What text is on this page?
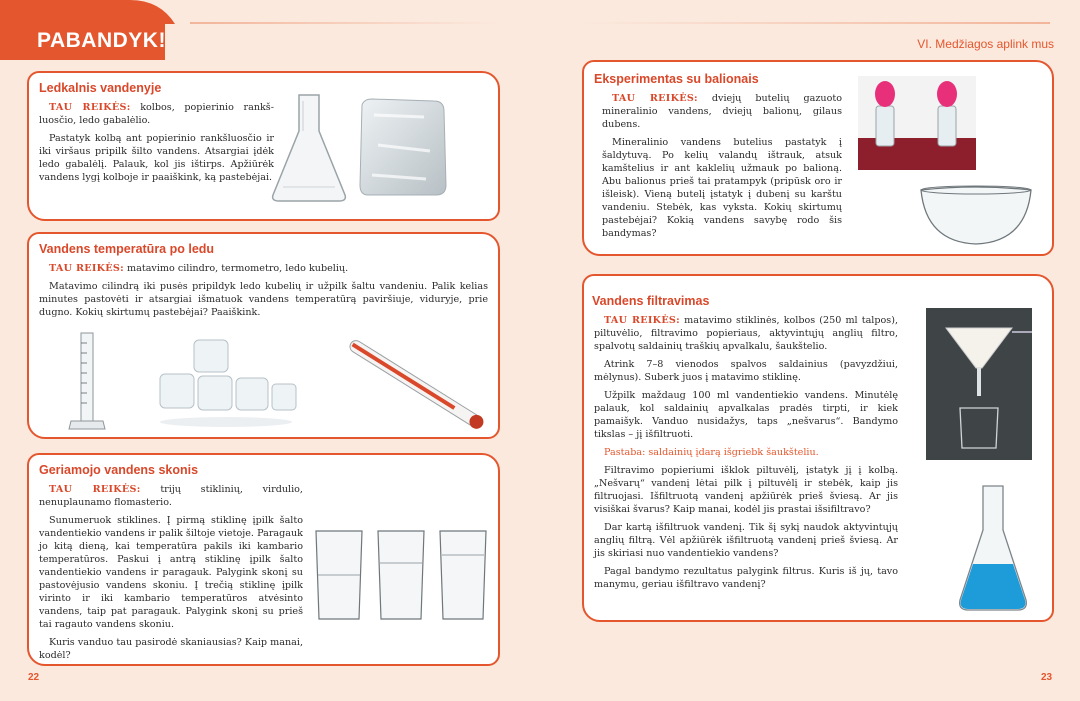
PABANDYK!	VI. Medžiagos aplink mus
Ledkalnis vandenyje

TAU REIKĖS: kolbos, popierinio rankšluosčio, ledo gabalėlio.

Pastatyk kolbą ant popierinio rankšluosčio ir iki viršaus pripilk šilto vandens. Atsargiai įdėk ledo gabalėlį. Palauk, kol jis ištirps. Apžiūrėk vandens lygį kolboje ir paaiškink, ką pastebėjai.

Vandens temperatūra po ledu

TAU REIKĖS: matavimo cilindro, termometro, ledo kubelių.

Matavimo cilindrą iki pusės pripildyk ledo kubelių ir užpilk šaltu vandeniu. Palik kelias minutes pastovėti ir atsargiai išmatuok vandens temperatūrą paviršiuje, viduryje, prie dugno. Kokių skirtumų pastebėjai? Paaiškink.

Geriamojo vandens skonis

TAU REIKĖS: trijų stiklinių, virdulio, nenuplaunamo flomasterio.

Sunumeruok stiklines. Į pirmą stiklinę įpilk šalto vandentiekio vandens ir palik šiltoje vietoje. Paragauk jo kitą dieną, kai temperatūra pakils iki kambario temperatūros. Paskui į antrą stiklinę įpilk šalto vandentiekio vandens ir paragauk. Palygink skonį su pastovėjusio vandens skoniu. Į trečią stiklinę įpilk virinto ir iki kambario temperatūros atvėsinto vandens, taip pat paragauk. Palygink skonį su prieš tai ragauto vandens skoniu.

Kuris vanduo tau pasirodė skaniausias? Kaip manai, kodėl?

Eksperimentas su balionais

TAU REIKĖS: dviejų butelių gazuoto mineralinio vandens, dviejų balionų, gilaus dubens.

Mineralinio vandens butelius pastatyk į šaldytuvą. Po kelių valandų ištrauk, atsuk kamštelius ir ant kaklelių užmauk po balioną. Abu balionus prieš tai pratampyk (pripūsk oro ir išleisk). Vieną butelį įstatyk į dubenį su karštu vandeniu. Stebėk, kas vyksta. Kokių skirtumų pastebėjai? Kokią vandens savybę rodo šis bandymas?

Vandens filtravimas

TAU REIKĖS: matavimo stiklinės, kolbos (250 ml talpos), piltuvėlio, filtravimo popieriaus, aktyvintųjų anglių filtro, spalvotų saldainių traškių apvalkalu, šaukštelio.

Atrink 7–8 vienodos spalvos saldainius (pavyzdžiui, mėlynus). Suberk juos į matavimo stiklinę.

Užpilk maždaug 100 ml vandentiekio vandens. Minutėlę palauk, kol saldainių apvalkalas pradės tirpti, ir kiek pamaišyk. Vanduo nusidažys, taps „nešvarus“. Bandymo tikslas – jį išfiltruoti.

Pastaba: saldainių įdarą išgriebk šaukšteliu.

Filtravimo popieriumi išklok piltuvėlį, įstatyk jį į kolbą. „Nešvarų“ vandenį lėtai pilk į piltuvėlį ir stebėk, kaip jis filtruojasi. Išfiltruotą vandenį apžiūrėk prieš šviesą. Ar jis visiškai švarus? Kaip manai, kodėl jis prastai išsifiltravo?

Dar kartą išfiltruok vandenį. Tik šį sykį naudok aktyvintųjų anglių filtrą. Vėl apžiūrėk išfiltruotą vandenį prieš šviesą. Ar jis skiriasi nuo vandentiekio vandens?

Pagal bandymo rezultatus palygink filtrus. Kuris iš jų, tavo manymu, geriau išfiltravo vandenį?

22	23
